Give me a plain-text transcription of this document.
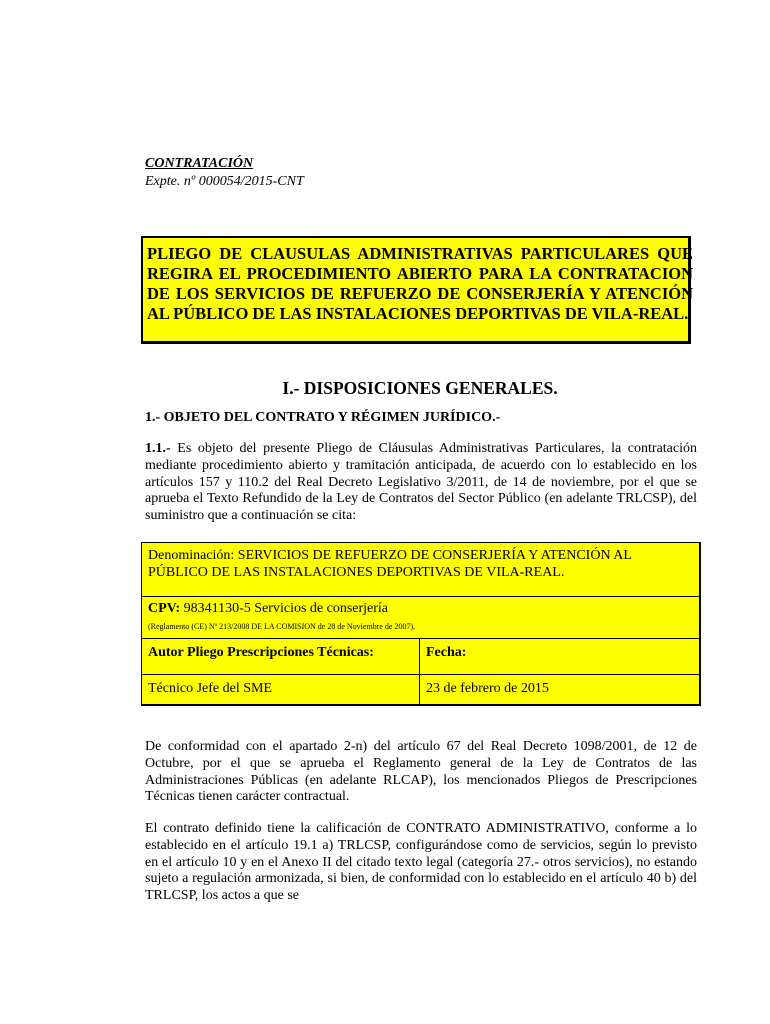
CONTRATACIÓN
Expte. nº 000054/2015-CNT
PLIEGO DE CLAUSULAS ADMINISTRATIVAS PARTICULARES QUE REGIRA EL PROCEDIMIENTO ABIERTO PARA LA CONTRATACION DE LOS SERVICIOS DE REFUERZO DE CONSERJERÍA Y ATENCIÓN AL PÚBLICO DE LAS INSTALACIONES DEPORTIVAS DE VILA-REAL.
I.- DISPOSICIONES GENERALES.
1.- OBJETO DEL CONTRATO Y RÉGIMEN JURÍDICO.-
1.1.- Es objeto del presente Pliego de Cláusulas Administrativas Particulares, la contratación mediante procedimiento abierto y tramitación anticipada, de acuerdo con lo establecido en los artículos 157 y 110.2 del Real Decreto Legislativo 3/2011, de 14 de noviembre, por el que se aprueba el Texto Refundido de la Ley de Contratos del Sector Público (en adelante TRLCSP), del suministro que a continuación se cita:
Denominación: SERVICIOS DE REFUERZO DE CONSERJERÍA Y ATENCIÓN AL PÚBLICO DE LAS INSTALACIONES DEPORTIVAS DE VILA-REAL.
CPV: 98341130-5 Servicios de conserjería
(Reglamento (CE) Nº 213/2008 DE LA COMISION de 28 de Noviembre de 2007).
Autor Pliego Prescripciones Técnicas:	Fecha:
Técnico Jefe del SME	23 de febrero de 2015
De conformidad con el apartado 2-n) del artículo 67 del Real Decreto 1098/2001, de 12 de Octubre, por el que se aprueba el Reglamento general de la Ley de Contratos de las Administraciones Públicas (en adelante RLCAP), los mencionados Pliegos de Prescripciones Técnicas tienen carácter contractual.
El contrato definido tiene la calificación de CONTRATO ADMINISTRATIVO, conforme a lo establecido en el artículo 19.1 a) TRLCSP, configurándose como de servicios, según lo previsto en el artículo 10 y en el Anexo II del citado texto legal (categoría 27.- otros servicios), no estando sujeto a regulación armonizada, si bien, de conformidad con lo establecido en el artículo 40 b) del TRLCSP, los actos a que se
